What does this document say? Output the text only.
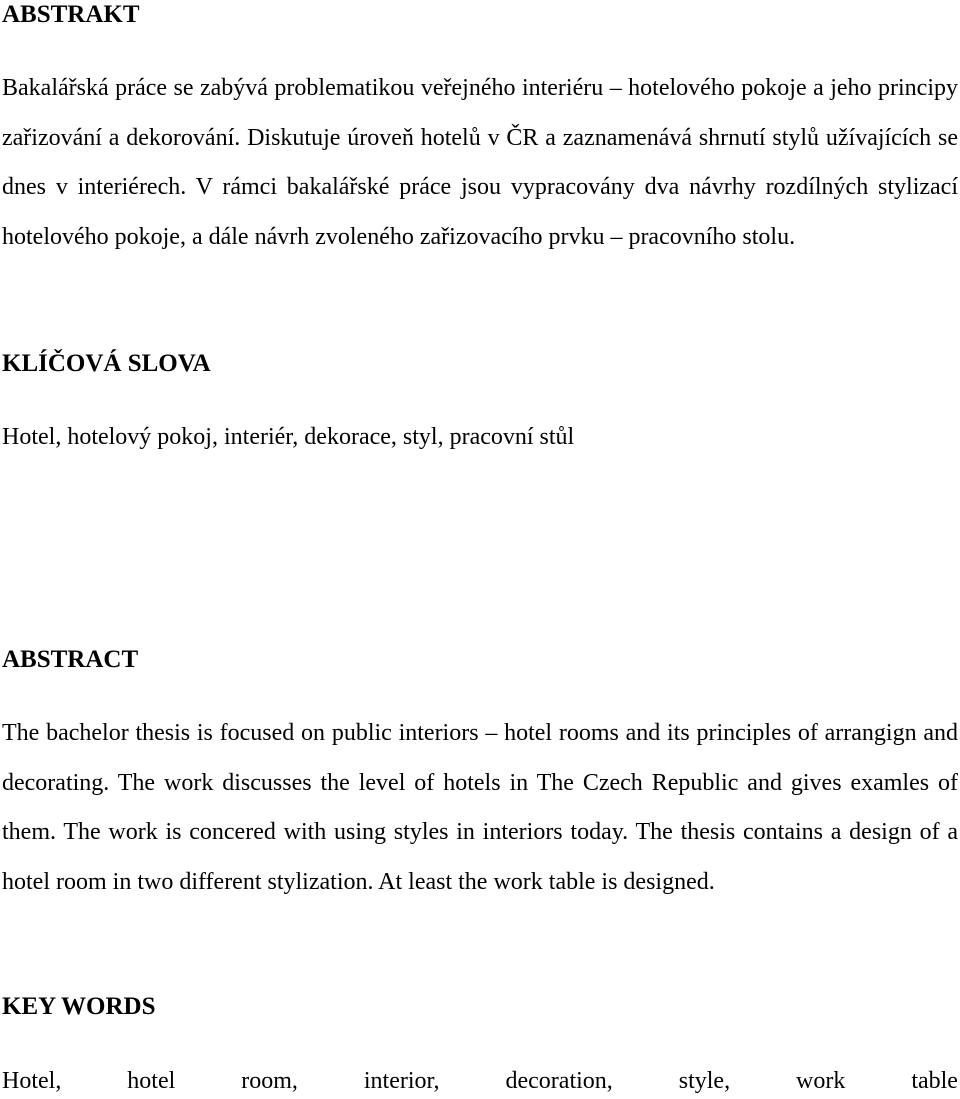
ABSTRAKT

Bakalářská práce se zabývá problematikou veřejného interiéru – hotelového pokoje a jeho principy zařizování a dekorování. Diskutuje úroveň hotelů v ČR a zaznamenává shrnutí stylů užívajících se dnes v interiérech. V rámci bakalářské práce jsou vypracovány dva návrhy rozdílných stylizací hotelového pokoje, a dále návrh zvoleného zařizovacího prvku – pracovního stolu.

KLÍČOVÁ SLOVA
Hotel, hotelový pokoj, interiér, dekorace, styl, pracovní stůl
ABSTRACT

The bachelor thesis is focused on public interiors – hotel rooms and its principles of arrangign and decorating. The work discusses the level of hotels in The Czech Republic and gives examles of them. The work is concered with using styles in interiors today. The thesis contains a design of a hotel room in two different stylization. At least the work table is designed.

KEY WORDS
Hotel,	hotel	room,	interior,	decoration,	style,	work	table
